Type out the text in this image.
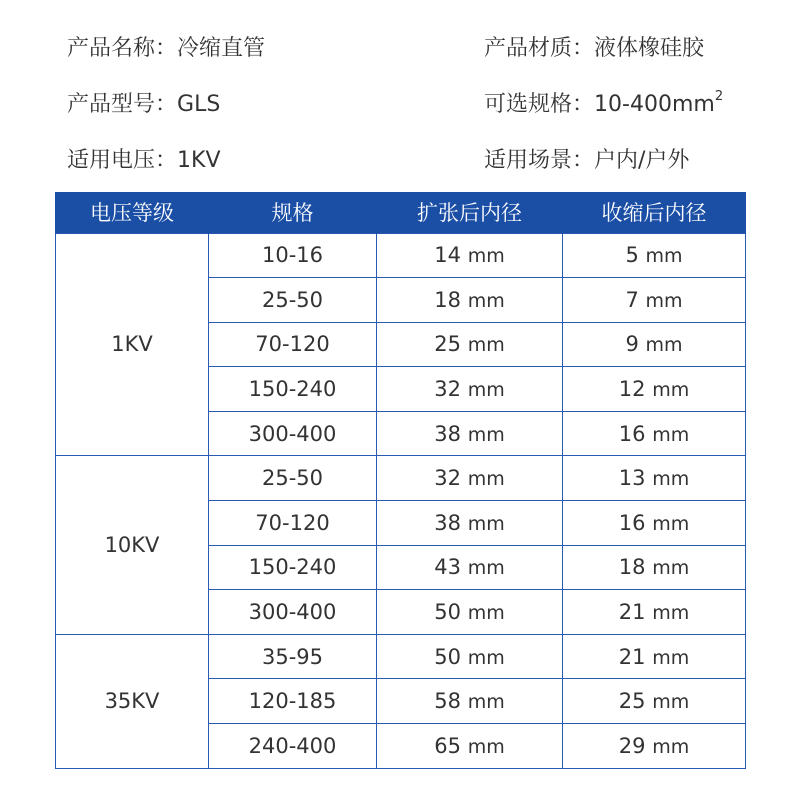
产品名称：冷缩直管	产品材质：液体橡硅胶
产品型号：GLS	可选规格：$10-400mm^2$
适用电压：1KV	适用场景：户内/户外
电压等级	规格	扩张后内径	收缩后内径
1KV	10-16	14 mm	5 mm
	25-50	18 mm	7 mm
	70-120	25 mm	9 mm
	150-240	32 mm	12 mm
	300-400	38 mm	16 mm
10KV	25-50	32 mm	13 mm
	70-120	38 mm	16 mm
	150-240	43 mm	18 mm
	300-400	50 mm	21 mm
35KV	35-95	50 mm	21 mm
	120-185	58 mm	25 mm
	240-400	65 mm	29 mm
